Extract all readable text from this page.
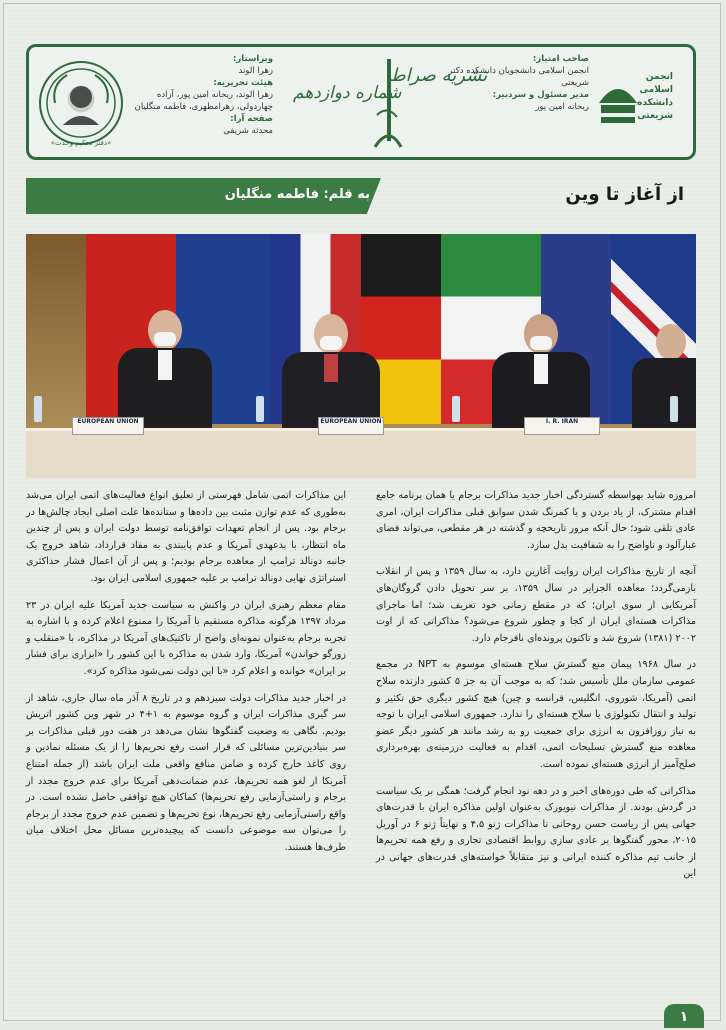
«دفتر تحکیم وحدت»
ویراستار:
زهرا الوند
هیئت تحریریه:
زهرا الوند، ریحانه امین پور، آزاده چهاردولی، زهرامطهری، فاطمه منگلیان
صفحه آرا:
محدثه شریفی
شماره دوازدهم
نشریه صراط
صاحب امتیاز:
انجمن اسلامی دانشجویان دانشکده دکتر شریعتی
مدیر مسئول و سردبیر:
ریحانه امین پور
انجمن اسلامی دانشکده شریعتی
به قلم: فاطمه منگلیان	از آغاز تا وین
EUROPEAN UNION	EUROPEAN UNION	I. R. IRAN

امروزه شاید بهواسطه گستردگی اخبار جدید مذاکرات برجام یا همان برنامه جامع اقدام مشترک، از یاد بردن و یا کمرنگ شدن سوابق قبلی مذاکرات ایران، امری عادی تلقی شود؛ حال آنکه مرور تاریخچه و گذشته در هر مقطعی، می‌تواند فضای غبارآلود و ناواضح را به شفافیت بدل سازد.

آنچه از تاریخ مذاکرات ایران روایت آغازین دارد، به سال ۱۳۵۹ و پس از انقلاب بازمی‌گردد؛ معاهده الجزایر در سال ۱۳۵۹، بر سر تحویل دادن گروگان‌های آمریکایی از سوی ایران؛ که در مقطع زمانی خود تعریف شد؛ اما ماجرای مذاکرات هسته‌ای ایران از کجا و چطور شروع می‌شود؟ مذاکراتی که از اوت ۲۰۰۲ (۱۳۸۱) شروع شد و تاکنون پرونده‌ای نافرجام دارد.

در سال ۱۹۶۸ پیمان منع گسترش سلاح هسته‌ای موسوم به NPT در مجمع عمومی سازمان ملل تأسیس شد؛ که به موجب آن به جز ۵ کشور دارنده سلاح اتمی (آمریکا، شوروی، انگلیس، فرانسه و چین) هیچ کشور دیگری حق تکثیر و تولید و انتقال تکنولوژی یا سلاح هسته‌ای را ندارد. جمهوری اسلامی ایران با توجه به نیاز روزافزون به انرژی برای جمعیت رو به رشد مانند هر کشور دیگر عضو معاهده منع گسترش تسلیحات اتمی، اقدام به فعالیت درزمینه‌ی بهره‌برداری صلح‌آمیز از انرژی هسته‌ای نموده است.

مذاکراتی که طی دوره‌های اخیر و در دهه نود انجام گرفت؛ همگی بر یک سیاست در گردش بودند. از مذاکرات نیویورک به‌عنوان اولین مذاکره ایران با قدرت‌های جهانی پس از ریاست حسن روحانی تا مذاکرات ژنو ۴،۵ و نهایتاً ژنو ۶ در آوریل ۲۰۱۵، محور گفتگوها بر عادی سازی روابط اقتصادی تجاری و رفع همه تحریم‌ها از جانب تیم مذاکره کننده ایرانی و نیز متقابلاً خواسته‌های قدرت‌های جهانی در این

این مذاکرات اتمی شامل فهرستی از تعلیق انواع فعالیت‌های اتمی ایران می‌شد به‌طوری که عدم توازن مثبت بین داده‌ها و ستانده‌ها علت اصلی ایجاد چالش‌ها در برجام بود. پس از انجام تعهدات توافق‌نامه توسط دولت ایران و پس از چندین ماه انتظار، با بدعهدی آمریکا و عدم پایبندی به مفاد قرارداد، شاهد خروج یک جانبه دونالد ترامپ از معاهده برجام بودیم؛ و پس از آن اعمال فشار حداکثری استراتژی نهایی دونالد ترامپ بر علیه جمهوری اسلامی ایران بود.

مقام معظم رهبری ایران در واکنش به سیاست جدید آمریکا علیه ایران در ۲۳ مرداد ۱۳۹۷ هرگونه مذاکره مستقیم با آمریکا را ممنوع اعلام کرده و با اشاره به تجربه برجام به‌عنوان نمونه‌ای واضح از تاکتیک‌های آمریکا در مذاکره، با «منقلب و زورگو خواندن» آمریکا، وارد شدن به مذاکره با این کشور را «ابزاری برای فشار بر ایران» خوانده و اعلام کرد «با این دولت نمی‌شود مذاکره کرد».

در اخبار جدید مذاکرات دولت سیزدهم و در تاریخ ۸ آذر ماه سال جاری، شاهد از سر گیری مذاکرات ایران و گروه موسوم به ۱+۴ در شهر وین کشور اتریش بودیم. نگاهی به وضعیت گفتگوها نشان می‌دهد در هفت دور قبلی مذاکرات بر سر بنیادین‌ترین مسائلی که قرار است رفع تحریم‌ها را از یک مسئله نمادین و روی کاغذ خارج کرده و ضامن منافع واقعی ملت ایران باشد (از جمله امتناع آمریکا از لغو همه تحریم‌ها، عدم ضمانت‌دهی آمریکا برای عدم خروج مجدد از برجام و راستی‌آزمایی رفع تحریم‌ها) کماکان هیچ توافقی حاصل نشده است. در واقع راستی‌آزمایی رفع تحریم‌ها، نوع تحریم‌ها و تضمین عدم خروج مجدد از برجام را می‌توان سه موضوعی دانست که پیچیده‌ترین مسائل محل اختلاف میان طرف‌ها هستند.

۱
